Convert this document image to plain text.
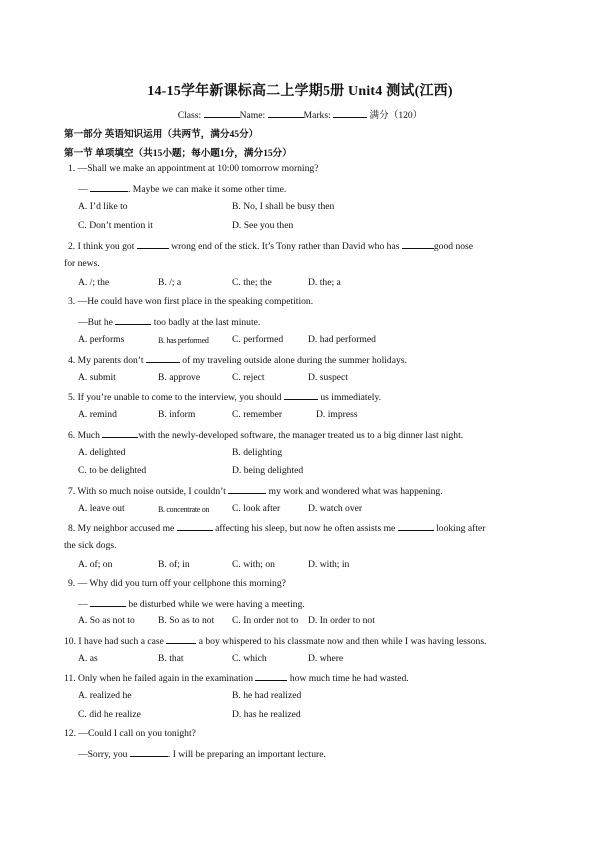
14-15学年新课标高二上学期5册 Unit4 测试(江西)
Class:	Name:	Marks:	满分（120）
第一部分 英语知识运用（共两节，满分45分）
第一节 单项填空（共15小题；每小题1分，满分15分）
1. —Shall we make an appointment at 10:00 tomorrow morning?
—	. Maybe we can make it some other time.
A. I’d like to	B. No, I shall be busy then
C. Don’t mention it	D. See you then
2. I think you got	wrong end of the stick. It’s Tony rather than David who has	good nose
for news.
A. /; the	B. /; a	C. the; the	D. the; a
3. —He could have won first place in the speaking competition.
—But he	too badly at the last minute.
A. performs	B. has performed C. performed	D. had performed
4. My parents don’t	of my traveling outside alone during the summer holidays.
A. submit	B. approve	C. reject	D. suspect
5. If you’re unable to come to the interview, you should	us immediately.
A. remind	B. inform	C. remember	D. impress
6. Much	with the newly-developed software, the manager treated us to a big dinner last night.
A. delighted	B. delighting
C. to be delighted	D. being delighted
7. With so much noise outside, I couldn’t	my work and wondered what was happening.
A. leave out	B. concentrate on C. look after	D. watch over
8. My neighbor accused me	affecting his sleep, but now he often assists me	looking after
the sick dogs.
A. of; on	B. of; in	C. with; on	D. with; in
9. — Why did you turn off your cellphone this morning?
—	be disturbed while we were having a meeting.
A. So as not to B. So as to not C. In order not to D. In order to not
10. I have had such a case	a boy whispered to his classmate now and then while I was having lessons.
A. as	B. that	C. which	D. where
11. Only when he failed again in the examination	how much time he had wasted.
A. realized he	B. he had realized
C. did he realize	D. has he realized
12. —Could I call on you tonight?
—Sorry, you	. I will be preparing an important lecture.
